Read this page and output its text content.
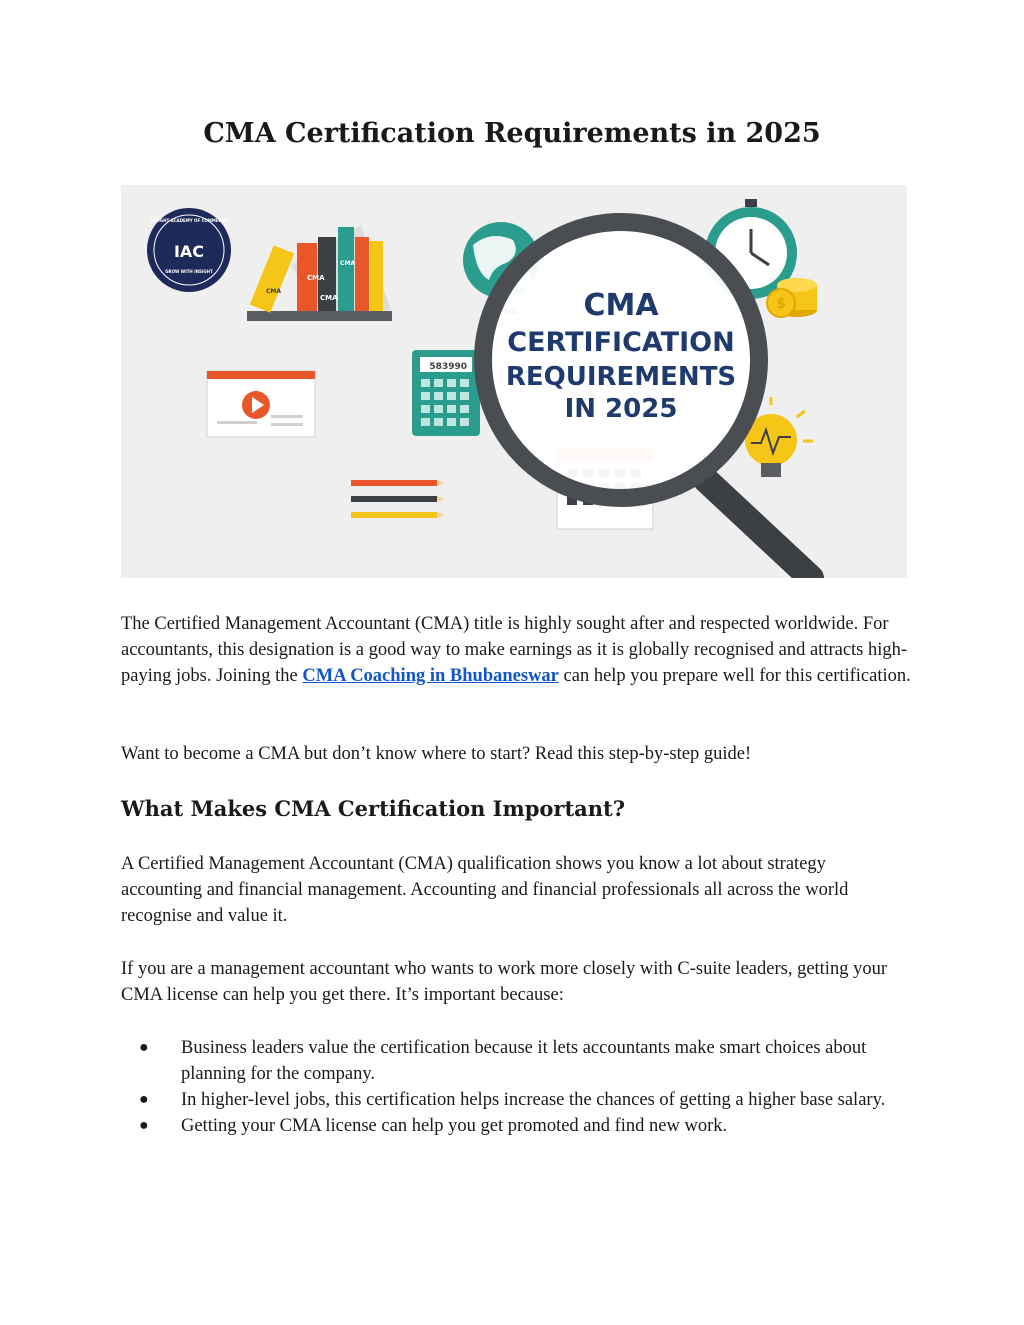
CMA Certification Requirements in 2025
IAC
GROW WITH INSIGHT
INSIGHT ACADEMY OF COMMERCE
CMA
CMA
CMA
CMA
583990
$
CMA
CERTIFICATION
REQUIREMENTS
IN 2025

The Certified Management Accountant (CMA) title is highly sought after and respected worldwide. For accountants, this designation is a good way to make earnings as it is globally recognised and attracts high-paying jobs. Joining the CMA Coaching in Bhubaneswar can help you prepare well for this certification.

Want to become a CMA but don’t know where to start? Read this step-by-step guide!

What Makes CMA Certification Important?

A Certified Management Accountant (CMA) qualification shows you know a lot about strategy accounting and financial management. Accounting and financial professionals all across the world recognise and value it.

If you are a management accountant who wants to work more closely with C-suite leaders, getting your CMA license can help you get there. It’s important because:

● Business leaders value the certification because it lets accountants make smart choices about planning for the company.
● In higher-level jobs, this certification helps increase the chances of getting a higher base salary.
● Getting your CMA license can help you get promoted and find new work.
